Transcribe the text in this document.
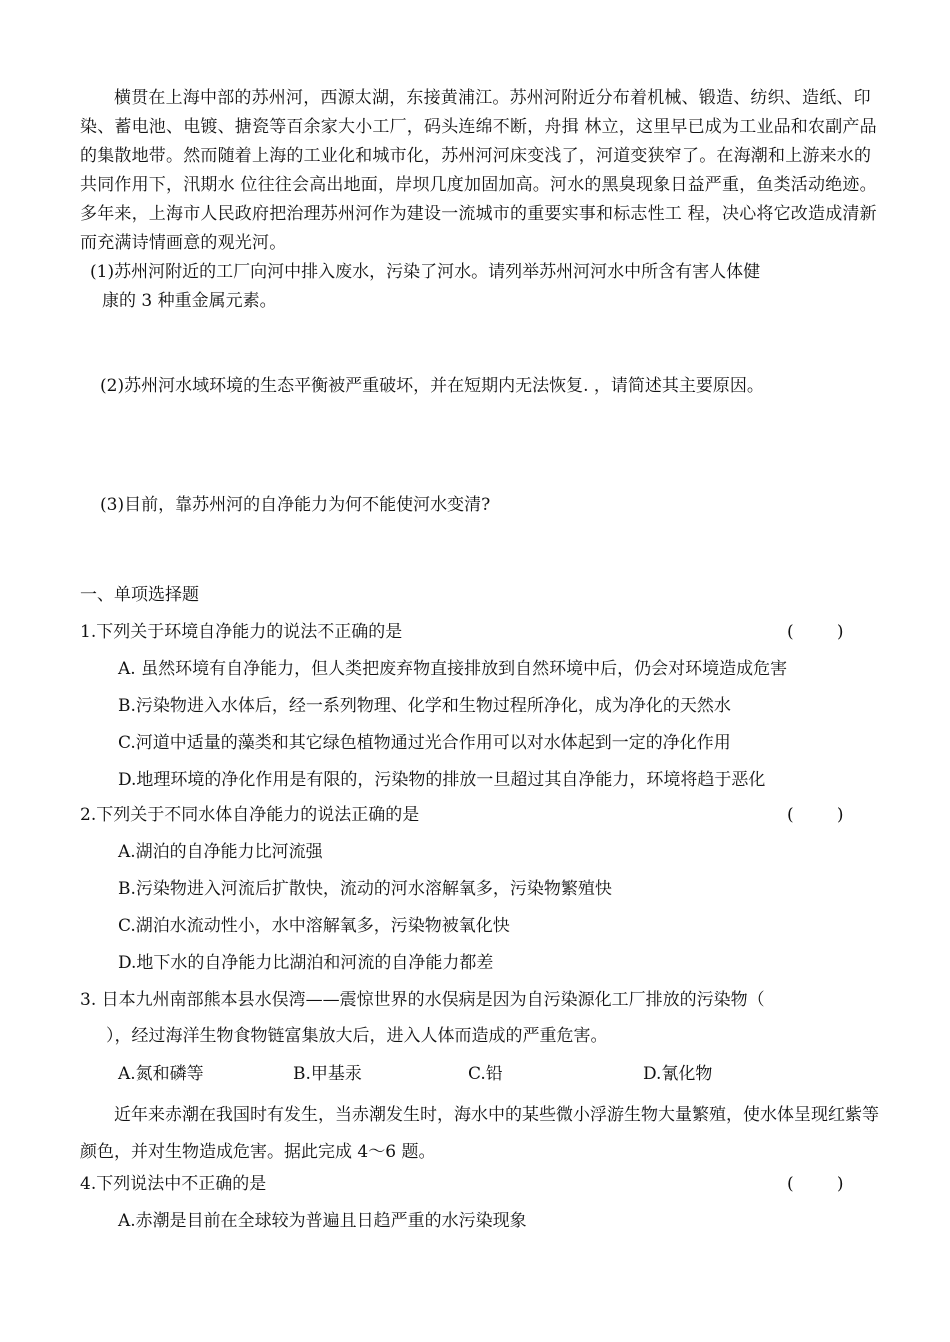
横贯在上海中部的苏州河，西源太湖，东接黄浦江。苏州河附近分布着机械、锻造、纺织、造纸、印染、蓄电池、电镀、搪瓷等百余家大小工厂，码头连绵不断，舟揖 林立，这里早已成为工业品和农副产品的集散地带。然而随着上海的工业化和城市化，苏州河河床变浅了，河道变狭窄了。在海潮和上游来水的共同作用下，汛期水 位往往会高出地面，岸坝几度加固加高。河水的黑臭现象日益严重，鱼类活动绝迹。多年来，上海市人民政府把治理苏州河作为建设一流城市的重要实事和标志性工 程，决心将它改造成清新而充满诗情画意的观光河。

(1)苏州河附近的工厂向河中排入废水，污染了河水。请列举苏州河河水中所含有害人体健

康的 3 种重金属元素。

(2)苏州河水域环境的生态平衡被严重破坏，并在短期内无法恢复. ，请简述其主要原因。

(3)目前，靠苏州河的自净能力为何不能使河水变清?

一、单项选择题
1.下列关于环境自净能力的说法不正确的是	(        )
A. 虽然环境有自净能力，但人类把废弃物直接排放到自然环境中后，仍会对环境造成危害
B.污染物进入水体后，经一系列物理、化学和生物过程所净化，成为净化的天然水
C.河道中适量的藻类和其它绿色植物通过光合作用可以对水体起到一定的净化作用
D.地理环境的净化作用是有限的，污染物的排放一旦超过其自净能力，环境将趋于恶化
2.下列关于不同水体自净能力的说法正确的是	(        )
A.湖泊的自净能力比河流强
B.污染物进入河流后扩散快，流动的河水溶解氧多，污染物繁殖快
C.湖泊水流动性小，水中溶解氧多，污染物被氧化快
D.地下水的自净能力比湖泊和河流的自净能力都差
3. 日本九州南部熊本县水俣湾——震惊世界的水俣病是因为自污染源化工厂排放的污染物（
），经过海洋生物食物链富集放大后，进入人体而造成的严重危害。
A.氮和磷等	B.甲基汞	C.铅	D.氰化物

近年来赤潮在我国时有发生，当赤潮发生时，海水中的某些微小浮游生物大量繁殖，使水体呈现红紫等颜色，并对生物造成危害。据此完成 4～6 题。

4.下列说法中不正确的是	(        )
A.赤潮是目前在全球较为普遍且日趋严重的水污染现象
